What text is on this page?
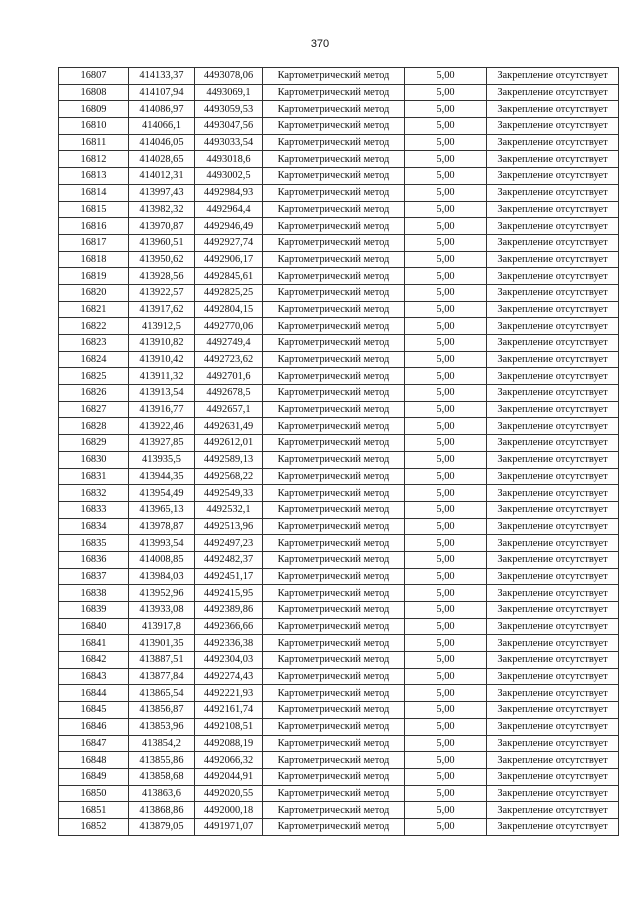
370
16807	414133,37	4493078,06	Картометрический метод	5,00	Закрепление отсутствует
16808	414107,94	4493069,1	Картометрический метод	5,00	Закрепление отсутствует
16809	414086,97	4493059,53	Картометрический метод	5,00	Закрепление отсутствует
16810	414066,1	4493047,56	Картометрический метод	5,00	Закрепление отсутствует
16811	414046,05	4493033,54	Картометрический метод	5,00	Закрепление отсутствует
16812	414028,65	4493018,6	Картометрический метод	5,00	Закрепление отсутствует
16813	414012,31	4493002,5	Картометрический метод	5,00	Закрепление отсутствует
16814	413997,43	4492984,93	Картометрический метод	5,00	Закрепление отсутствует
16815	413982,32	4492964,4	Картометрический метод	5,00	Закрепление отсутствует
16816	413970,87	4492946,49	Картометрический метод	5,00	Закрепление отсутствует
16817	413960,51	4492927,74	Картометрический метод	5,00	Закрепление отсутствует
16818	413950,62	4492906,17	Картометрический метод	5,00	Закрепление отсутствует
16819	413928,56	4492845,61	Картометрический метод	5,00	Закрепление отсутствует
16820	413922,57	4492825,25	Картометрический метод	5,00	Закрепление отсутствует
16821	413917,62	4492804,15	Картометрический метод	5,00	Закрепление отсутствует
16822	413912,5	4492770,06	Картометрический метод	5,00	Закрепление отсутствует
16823	413910,82	4492749,4	Картометрический метод	5,00	Закрепление отсутствует
16824	413910,42	4492723,62	Картометрический метод	5,00	Закрепление отсутствует
16825	413911,32	4492701,6	Картометрический метод	5,00	Закрепление отсутствует
16826	413913,54	4492678,5	Картометрический метод	5,00	Закрепление отсутствует
16827	413916,77	4492657,1	Картометрический метод	5,00	Закрепление отсутствует
16828	413922,46	4492631,49	Картометрический метод	5,00	Закрепление отсутствует
16829	413927,85	4492612,01	Картометрический метод	5,00	Закрепление отсутствует
16830	413935,5	4492589,13	Картометрический метод	5,00	Закрепление отсутствует
16831	413944,35	4492568,22	Картометрический метод	5,00	Закрепление отсутствует
16832	413954,49	4492549,33	Картометрический метод	5,00	Закрепление отсутствует
16833	413965,13	4492532,1	Картометрический метод	5,00	Закрепление отсутствует
16834	413978,87	4492513,96	Картометрический метод	5,00	Закрепление отсутствует
16835	413993,54	4492497,23	Картометрический метод	5,00	Закрепление отсутствует
16836	414008,85	4492482,37	Картометрический метод	5,00	Закрепление отсутствует
16837	413984,03	4492451,17	Картометрический метод	5,00	Закрепление отсутствует
16838	413952,96	4492415,95	Картометрический метод	5,00	Закрепление отсутствует
16839	413933,08	4492389,86	Картометрический метод	5,00	Закрепление отсутствует
16840	413917,8	4492366,66	Картометрический метод	5,00	Закрепление отсутствует
16841	413901,35	4492336,38	Картометрический метод	5,00	Закрепление отсутствует
16842	413887,51	4492304,03	Картометрический метод	5,00	Закрепление отсутствует
16843	413877,84	4492274,43	Картометрический метод	5,00	Закрепление отсутствует
16844	413865,54	4492221,93	Картометрический метод	5,00	Закрепление отсутствует
16845	413856,87	4492161,74	Картометрический метод	5,00	Закрепление отсутствует
16846	413853,96	4492108,51	Картометрический метод	5,00	Закрепление отсутствует
16847	413854,2	4492088,19	Картометрический метод	5,00	Закрепление отсутствует
16848	413855,86	4492066,32	Картометрический метод	5,00	Закрепление отсутствует
16849	413858,68	4492044,91	Картометрический метод	5,00	Закрепление отсутствует
16850	413863,6	4492020,55	Картометрический метод	5,00	Закрепление отсутствует
16851	413868,86	4492000,18	Картометрический метод	5,00	Закрепление отсутствует
16852	413879,05	4491971,07	Картометрический метод	5,00	Закрепление отсутствует
